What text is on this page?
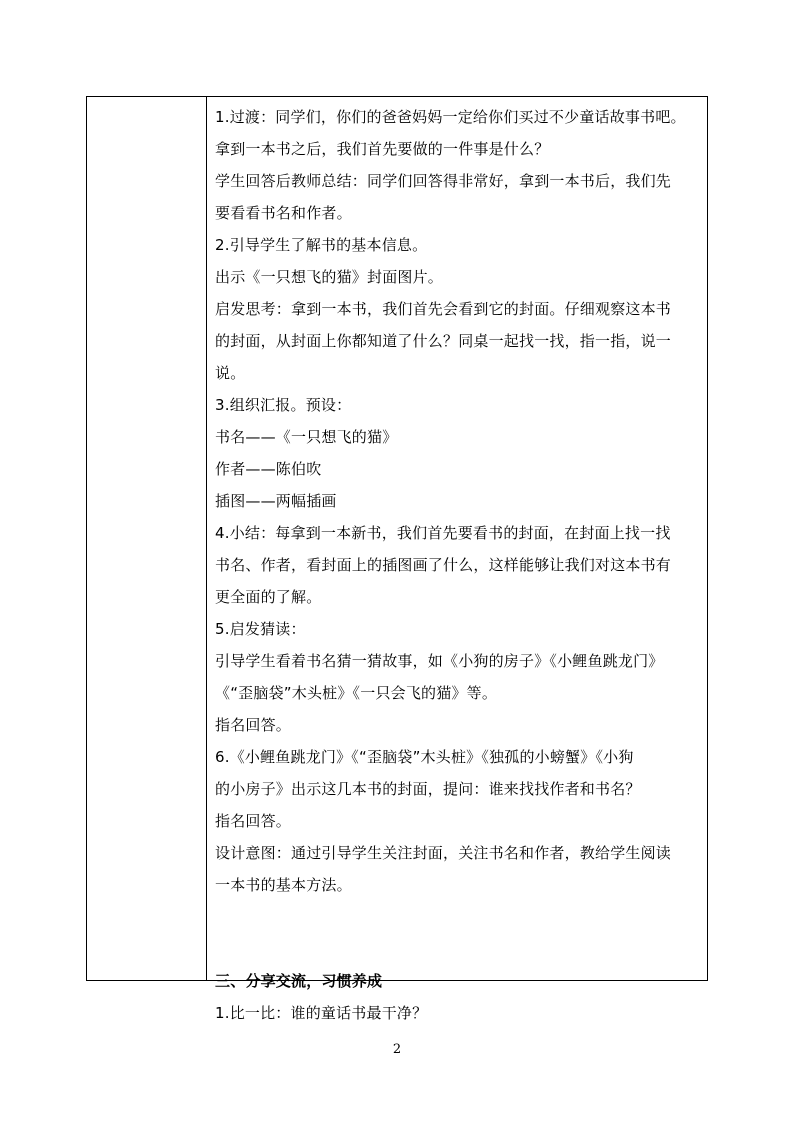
1.过渡：同学们，你们的爸爸妈妈一定给你们买过不少童话故事书吧。
拿到一本书之后，我们首先要做的一件事是什么？
学生回答后教师总结：同学们回答得非常好，拿到一本书后，我们先
要看看书名和作者。
2.引导学生了解书的基本信息。
出示《一只想飞的猫》封面图片。
启发思考：拿到一本书，我们首先会看到它的封面。仔细观察这本书
的封面，从封面上你都知道了什么？同桌一起找一找，指一指，说一
说。
3.组织汇报。预设：
书名——《一只想飞的猫》
作者——陈伯吹
插图——两幅插画
4.小结：每拿到一本新书，我们首先要看书的封面，在封面上找一找
书名、作者，看封面上的插图画了什么，这样能够让我们对这本书有
更全面的了解。
5.启发猜读：
引导学生看着书名猜一猜故事，如《小狗的房子》《小鲤鱼跳龙门》
《“歪脑袋”木头桩》《一只会飞的猫》等。
指名回答。
6.《小鲤鱼跳龙门》《“歪脑袋”木头桩》《独孤的小螃蟹》《小狗
的小房子》出示这几本书的封面，提问：谁来找找作者和书名？
指名回答。
设计意图：通过引导学生关注封面，关注书名和作者，教给学生阅读
一本书的基本方法。
三、分享交流，习惯养成
1.比一比：谁的童话书最干净？
2
